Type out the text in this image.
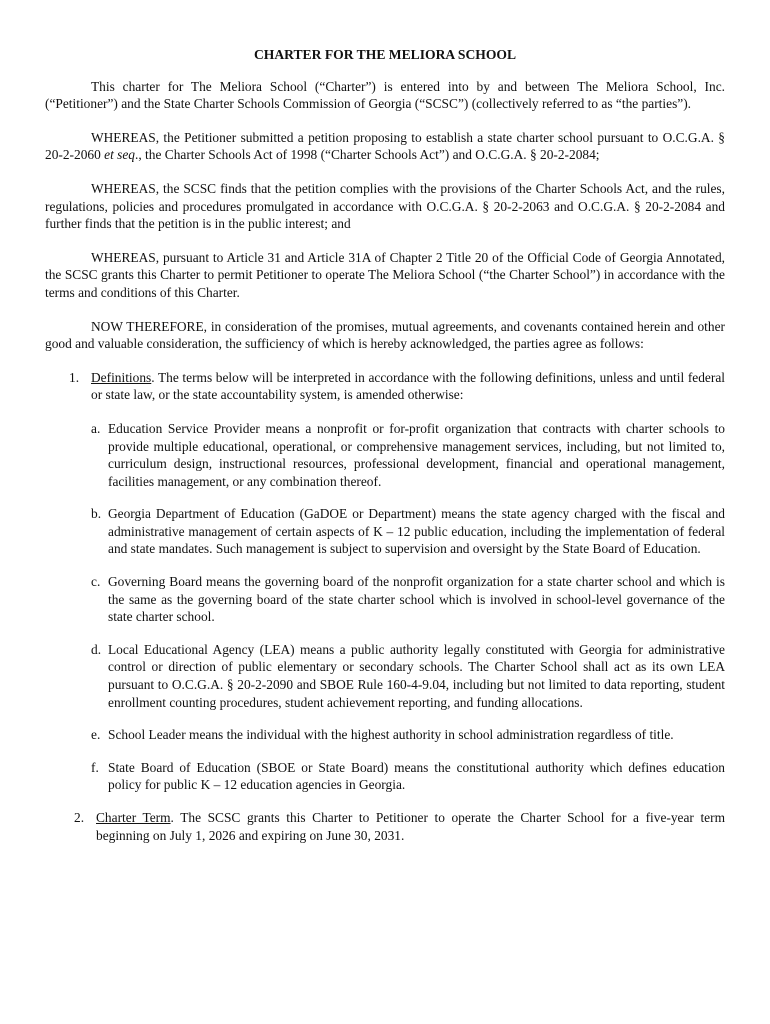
CHARTER FOR THE MELIORA SCHOOL

This charter for The Meliora School (“Charter”) is entered into by and between The Meliora School, Inc. (“Petitioner”) and the State Charter Schools Commission of Georgia (“SCSC”) (collectively referred to as “the parties”).

WHEREAS, the Petitioner submitted a petition proposing to establish a state charter school pursuant to O.C.G.A. § 20-2-2060 et seq., the Charter Schools Act of 1998 (“Charter Schools Act”) and O.C.G.A. § 20-2-2084;

WHEREAS, the SCSC finds that the petition complies with the provisions of the Charter Schools Act, and the rules, regulations, policies and procedures promulgated in accordance with O.C.G.A. § 20-2-2063 and O.C.G.A. § 20-2-2084 and further finds that the petition is in the public interest; and

WHEREAS, pursuant to Article 31 and Article 31A of Chapter 2 Title 20 of the Official Code of Georgia Annotated, the SCSC grants this Charter to permit Petitioner to operate The Meliora School (“the Charter School”) in accordance with the terms and conditions of this Charter.

NOW THEREFORE, in consideration of the promises, mutual agreements, and covenants contained herein and other good and valuable consideration, the sufficiency of which is hereby acknowledged, the parties agree as follows:

1. Definitions. The terms below will be interpreted in accordance with the following definitions, unless and until federal or state law, or the state accountability system, is amended otherwise:
a. Education Service Provider means a nonprofit or for-profit organization that contracts with charter schools to provide multiple educational, operational, or comprehensive management services, including, but not limited to, curriculum design, instructional resources, professional development, financial and operational management, facilities management, or any combination thereof.
b. Georgia Department of Education (GaDOE or Department) means the state agency charged with the fiscal and administrative management of certain aspects of K – 12 public education, including the implementation of federal and state mandates. Such management is subject to supervision and oversight by the State Board of Education.
c. Governing Board means the governing board of the nonprofit organization for a state charter school and which is the same as the governing board of the state charter school which is involved in school-level governance of the state charter school.
d. Local Educational Agency (LEA) means a public authority legally constituted with Georgia for administrative control or direction of public elementary or secondary schools. The Charter School shall act as its own LEA pursuant to O.C.G.A. § 20-2-2090 and SBOE Rule 160-4-9.04, including but not limited to data reporting, student enrollment counting procedures, student achievement reporting, and funding allocations.
e. School Leader means the individual with the highest authority in school administration regardless of title.
f. State Board of Education (SBOE or State Board) means the constitutional authority which defines education policy for public K – 12 education agencies in Georgia.
2. Charter Term. The SCSC grants this Charter to Petitioner to operate the Charter School for a five-year term beginning on July 1, 2026 and expiring on June 30, 2031.
